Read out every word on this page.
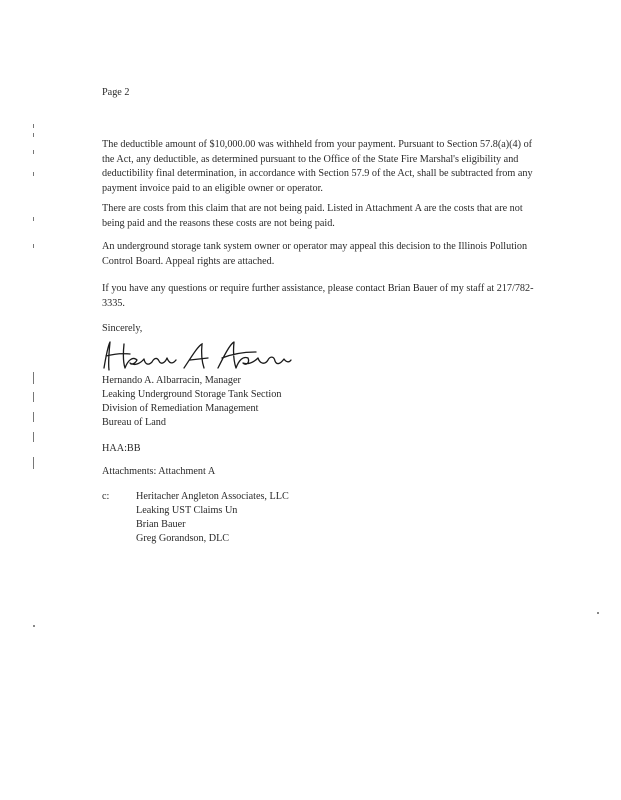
Page 2

The deductible amount of $10,000.00 was withheld from your payment. Pursuant to Section 57.8(a)(4) of the Act, any deductible, as determined pursuant to the Office of the State Fire Marshal's eligibility and deductibility final determination, in accordance with Section 57.9 of the Act, shall be subtracted from any payment invoice paid to an eligible owner or operator.

There are costs from this claim that are not being paid. Listed in Attachment A are the costs that are not being paid and the reasons these costs are not being paid.

An underground storage tank system owner or operator may appeal this decision to the Illinois Pollution Control Board. Appeal rights are attached.

If you have any questions or require further assistance, please contact Brian Bauer of my staff at 217/782-3335.

Sincerely,

Hernando A. Albarracin, Manager

Leaking Underground Storage Tank Section

Division of Remediation Management

Bureau of Land

HAA:BB

Attachments: Attachment A

c:	Heritacher Angleton Associates, LLC

Leaking UST Claims Un

Brian Bauer

Greg Gorandson, DLC
